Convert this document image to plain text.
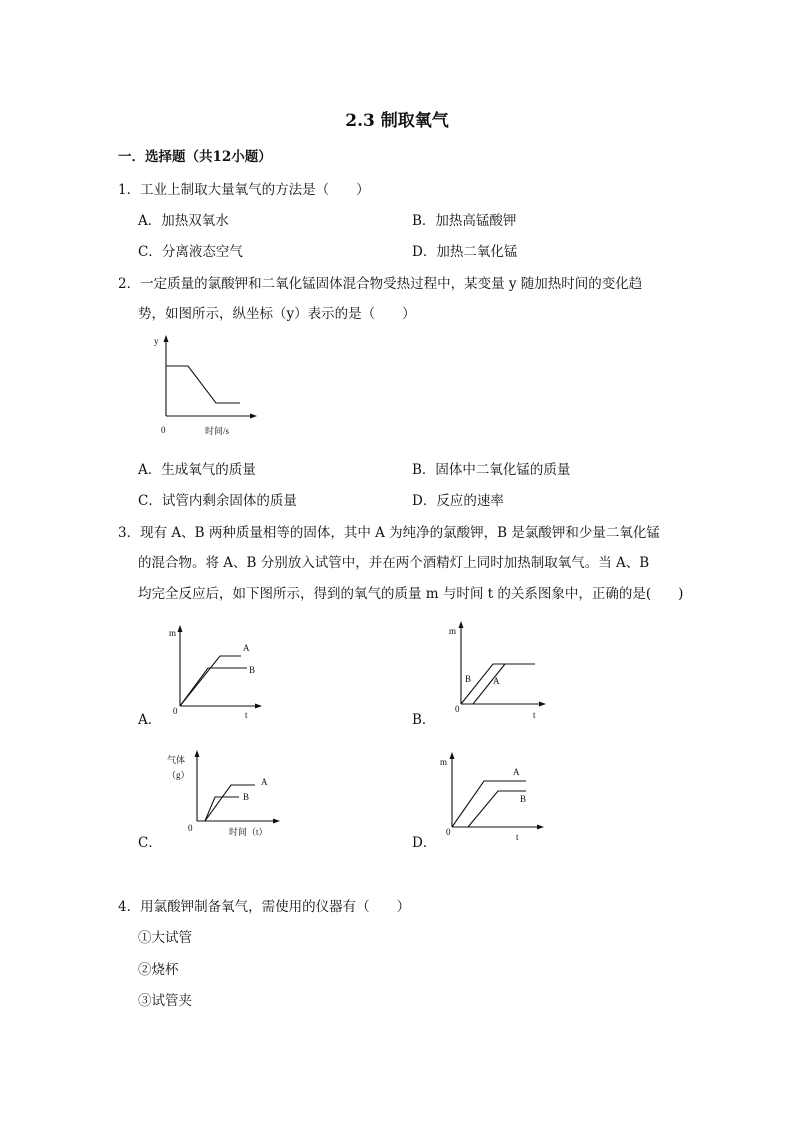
2.3 制取氧气
一．选择题（共12小题）
1．工业上制取大量氧气的方法是（　　）
A．加热双氧水	B．加热高锰酸钾
C．分离液态空气	D．加热二氧化锰
2．一定质量的氯酸钾和二氧化锰固体混合物受热过程中，某变量 y 随加热时间的变化趋
势，如图所示，纵坐标（y）表示的是（　　）
y
0	时间/s
A．生成氧气的质量	B．固体中二氧化锰的质量
C．试管内剩余固体的质量	D．反应的速率
3．现有 A、B 两种质量相等的固体，其中 A 为纯净的氯酸钾，B 是氯酸钾和少量二氧化锰
的混合物。将 A、B 分别放入试管中，并在两个酒精灯上同时加热制取氧气。当 A、B
均完全反应后，如下图所示，得到的氧气的质量 m 与时间 t 的关系图象中，正确的是(　　)
A．
m
A
B
0	t	B．
m
B A
0
t
C．
气体
（g）
A
B
0	时间（t）
D．
m
A
B
0	t
4．用氯酸钾制备氧气，需使用的仪器有（　　）
①大试管
②烧杯
③试管夹
